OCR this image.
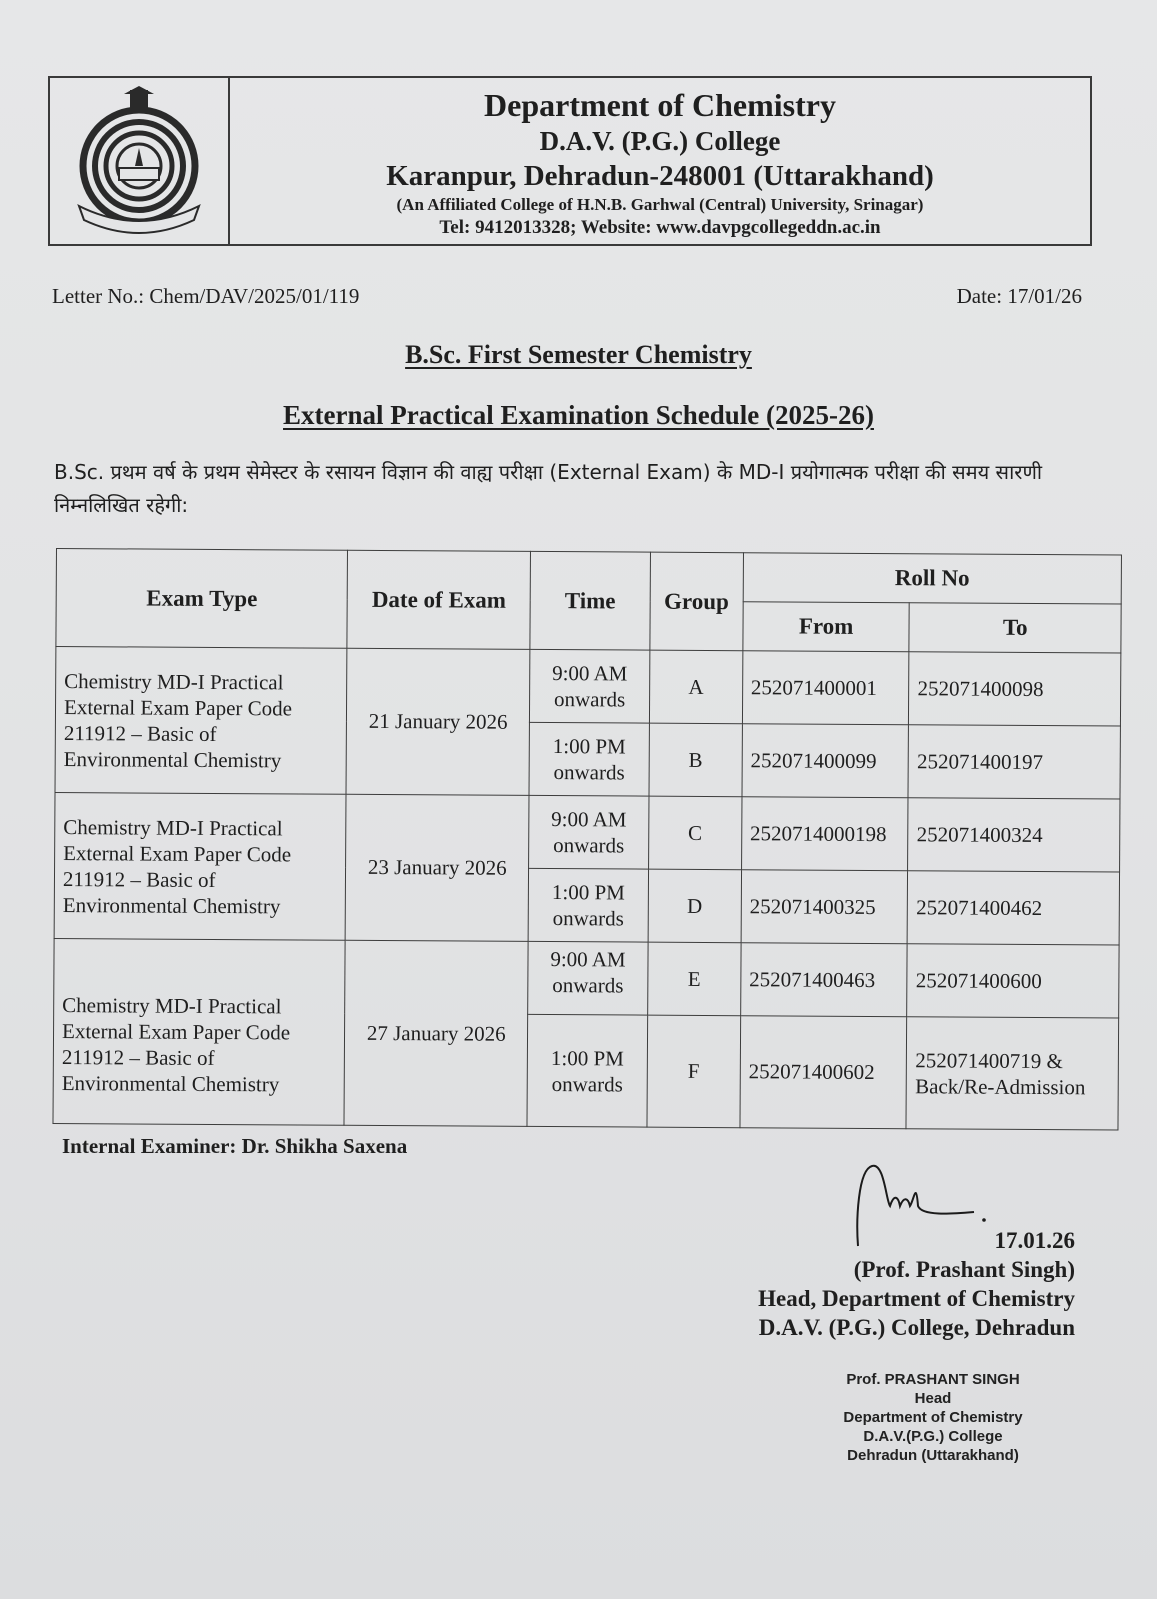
Department of Chemistry
D.A.V. (P.G.) College
Karanpur, Dehradun-248001 (Uttarakhand)
(An Affiliated College of H.N.B. Garhwal (Central) University, Srinagar)
Tel: 9412013328; Website: www.davpgcollegeddn.ac.in
Letter No.: Chem/DAV/2025/01/119	Date: 17/01/26
B.Sc. First Semester Chemistry
External Practical Examination Schedule (2025-26)
B.Sc. प्रथम वर्ष के प्रथम सेमेस्टर के रसायन विज्ञान की वाह्य परीक्षा (External Exam) के MD-I प्रयोगात्मक परीक्षा की समय सारणी निम्नलिखित रहेगी:
Exam Type	Date of Exam	Time	Group	Roll No	
				From	To
Chemistry MD-I Practical External Exam Paper Code 211912 – Basic of Environmental Chemistry	21 January 2026	9:00 AM onwards	A	252071400001	252071400098
		1:00 PM onwards	B	252071400099	252071400197
Chemistry MD-I Practical External Exam Paper Code 211912 – Basic of Environmental Chemistry	23 January 2026	9:00 AM onwards	C	2520714000198	252071400324
		1:00 PM onwards	D	252071400325	252071400462
Chemistry MD-I Practical External Exam Paper Code 211912 – Basic of Environmental Chemistry	27 January 2026	9:00 AM onwards	E	252071400463	252071400600
		1:00 PM onwards	F	252071400602	252071400719 & Back/Re-Admission
Internal Examiner: Dr. Shikha Saxena
17.01.26
(Prof. Prashant Singh)
Head, Department of Chemistry
D.A.V. (P.G.) College, Dehradun
Prof. PRASHANT SINGH
Head
Department of Chemistry
D.A.V.(P.G.) College
Dehradun (Uttarakhand)
